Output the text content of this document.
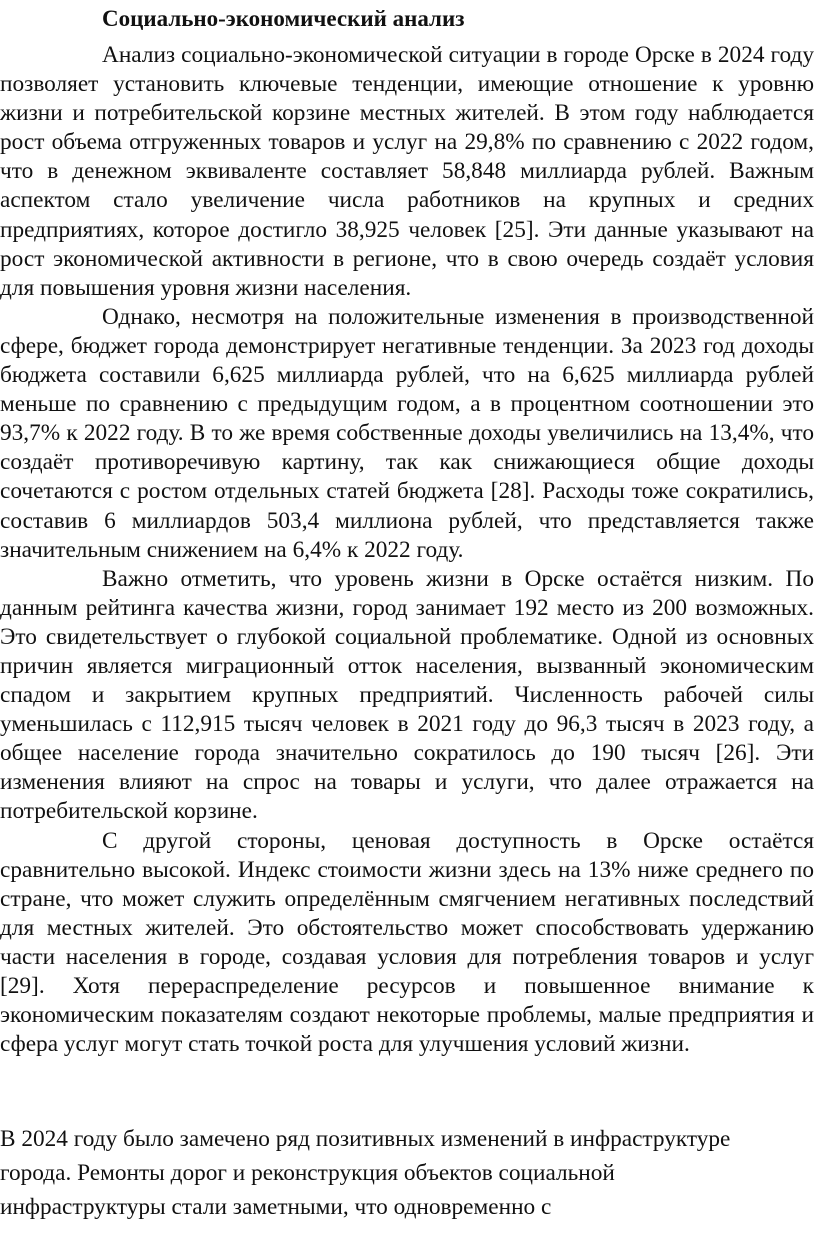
Социально-экономический анализ

Анализ социально-экономической ситуации в городе Орске в 2024 году позволяет установить ключевые тенденции, имеющие отношение к уровню жизни и потребительской корзине местных жителей. В этом году наблюдается рост объема отгруженных товаров и услуг на 29,8% по сравнению с 2022 годом, что в денежном эквиваленте составляет 58,848 миллиарда рублей. Важным аспектом стало увеличение числа работников на крупных и средних предприятиях, которое достигло 38,925 человек [25]. Эти данные указывают на рост экономической активности в регионе, что в свою очередь создаёт условия для повышения уровня жизни населения.

Однако, несмотря на положительные изменения в производственной сфере, бюджет города демонстрирует негативные тенденции. За 2023 год доходы бюджета составили 6,625 миллиарда рублей, что на 6,625 миллиарда рублей меньше по сравнению с предыдущим годом, а в процентном соотношении это 93,7% к 2022 году. В то же время собственные доходы увеличились на 13,4%, что создаёт противоречивую картину, так как снижающиеся общие доходы сочетаются с ростом отдельных статей бюджета [28]. Расходы тоже сократились, составив 6 миллиардов 503,4 миллиона рублей, что представляется также значительным снижением на 6,4% к 2022 году.

Важно отметить, что уровень жизни в Орске остаётся низким. По данным рейтинга качества жизни, город занимает 192 место из 200 возможных. Это свидетельствует о глубокой социальной проблематике. Одной из основных причин является миграционный отток населения, вызванный экономическим спадом и закрытием крупных предприятий. Численность рабочей силы уменьшилась с 112,915 тысяч человек в 2021 году до 96,3 тысяч в 2023 году, а общее население города значительно сократилось до 190 тысяч [26]. Эти изменения влияют на спрос на товары и услуги, что далее отражается на потребительской корзине.

С другой стороны, ценовая доступность в Орске остаётся сравнительно высокой. Индекс стоимости жизни здесь на 13% ниже среднего по стране, что может служить определённым смягчением негативных последствий для местных жителей. Это обстоятельство может способствовать удержанию части населения в городе, создавая условия для потребления товаров и услуг [29]. Хотя перераспределение ресурсов и повышенное внимание к экономическим показателям создают некоторые проблемы, малые предприятия и сфера услуг могут стать точкой роста для улучшения условий жизни.

В 2024 году было замечено ряд позитивных изменений в инфраструктуре

города. Ремонты дорог и реконструкция объектов социальной

инфраструктуры стали заметными, что одновременно с
